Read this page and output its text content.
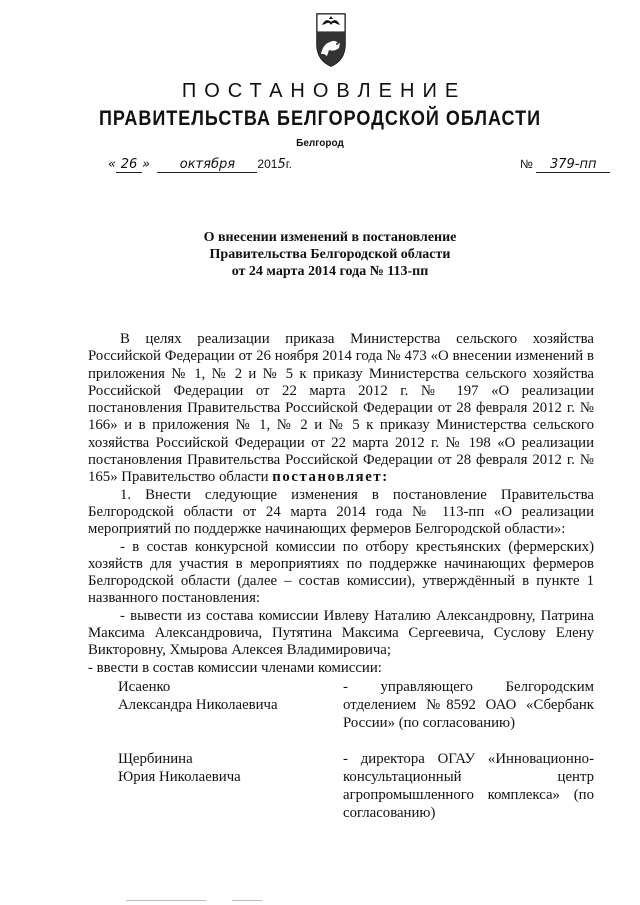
ПОСТАНОВЛЕНИЕ
ПРАВИТЕЛЬСТВА БЕЛГОРОДСКОЙ ОБЛАСТИ
Белгород
« 26 » октября 2015г.	№ 379-пп
О внесении изменений в постановление
Правительства Белгородской области
от 24 марта 2014 года № 113-пп

В целях реализации приказа Министерства сельского хозяйства Российской Федерации от 26 ноября 2014 года № 473 «О внесении изменений в приложения № 1, № 2 и № 5 к приказу Министерства сельского хозяйства Российской Федерации от 22 марта 2012 г. № 197 «О реализации постановления Правительства Российской Федерации от 28 февраля 2012 г. № 166» и в приложения № 1, № 2 и № 5 к приказу Министерства сельского хозяйства Российской Федерации от 22 марта 2012 г. № 198 «О реализации постановления Правительства Российской Федерации от 28 февраля 2012 г. № 165» Правительство области постановляет:

1. Внести следующие изменения в постановление Правительства Белгородской области от 24 марта 2014 года № 113-пп «О реализации мероприятий по поддержке начинающих фермеров Белгородской области»:

- в состав конкурсной комиссии по отбору крестьянских (фермерских) хозяйств для участия в мероприятиях по поддержке начинающих фермеров Белгородской области (далее – состав комиссии), утверждённый в пункте 1 названного постановления:

- вывести из состава комиссии Ивлеву Наталию Александровну, Патрина Максима Александровича, Путятина Максима Сергеевича, Суслову Елену Викторовну, Хмырова Алексея Владимировича;

- ввести в состав комиссии членами комиссии:

Исаенко
Александра Николаевича
- управляющего Белгородским отделением №8592 ОАО «Сбербанк России» (по согласованию)
Щербинина
Юрия Николаевича
- директора ОГАУ «Инновационно-консультационный центр агропромышленного комплекса» (по согласованию)
